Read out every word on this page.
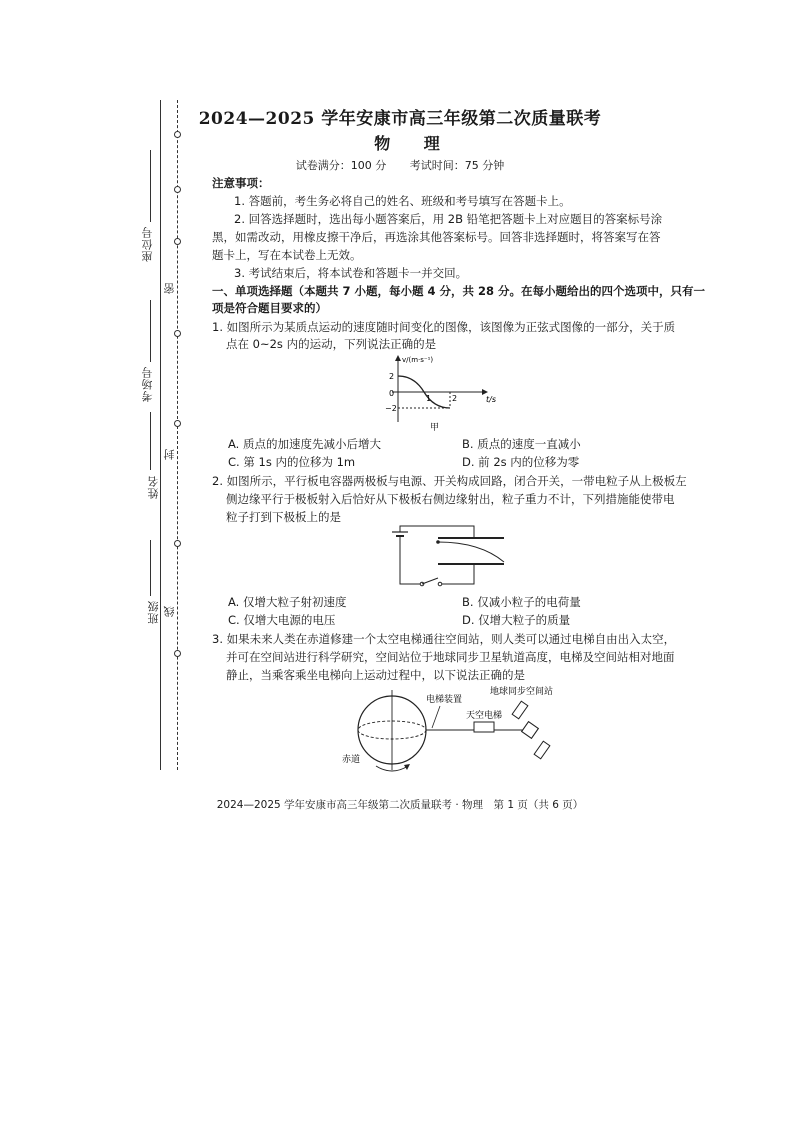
座位号
考场号
姓名
班级
密
封
线
2024—2025 学年安康市高三年级第二次质量联考
物 理
试卷满分：100 分 考试时间：75 分钟
注意事项：
1. 答题前，考生务必将自己的姓名、班级和考号填写在答题卡上。
2. 回答选择题时，选出每小题答案后，用 2B 铅笔把答题卡上对应题目的答案标号涂
黑，如需改动，用橡皮擦干净后，再选涂其他答案标号。回答非选择题时，将答案写在答
题卡上，写在本试卷上无效。
3. 考试结束后，将本试卷和答题卡一并交回。
一、单项选择题（本题共 7 小题，每小题 4 分，共 28 分。在每小题给出的四个选项中，只有一
项是符合题目要求的）
1. 如图所示为某质点运动的速度随时间变化的图像，该图像为正弦式图像的一部分，关于质
点在 0~2s 内的运动，下列说法正确的是
v/(m·s⁻¹)
t/s
2
−2
0
1	2
甲
A. 质点的加速度先减小后增大	B. 质点的速度一直减小
C. 第 1s 内的位移为 1m	D. 前 2s 内的位移为零
2. 如图所示，平行板电容器两极板与电源、开关构成回路，闭合开关，一带电粒子从上极板左
侧边缘平行于极板射入后恰好从下极板右侧边缘射出，粒子重力不计，下列措施能使带电
粒子打到下极板上的是
A. 仅增大粒子射初速度	B. 仅减小粒子的电荷量
C. 仅增大电源的电压	D. 仅增大粒子的质量
3. 如果未来人类在赤道修建一个太空电梯通往空间站，则人类可以通过电梯自由出入太空，
并可在空间站进行科学研究，空间站位于地球同步卫星轨道高度，电梯及空间站相对地面
静止，当乘客乘坐电梯向上运动过程中，以下说法正确的是
电梯装置
天空电梯
地球同步空间站
赤道
2024—2025 学年安康市高三年级第二次质量联考 · 物理　第 1 页（共 6 页）
